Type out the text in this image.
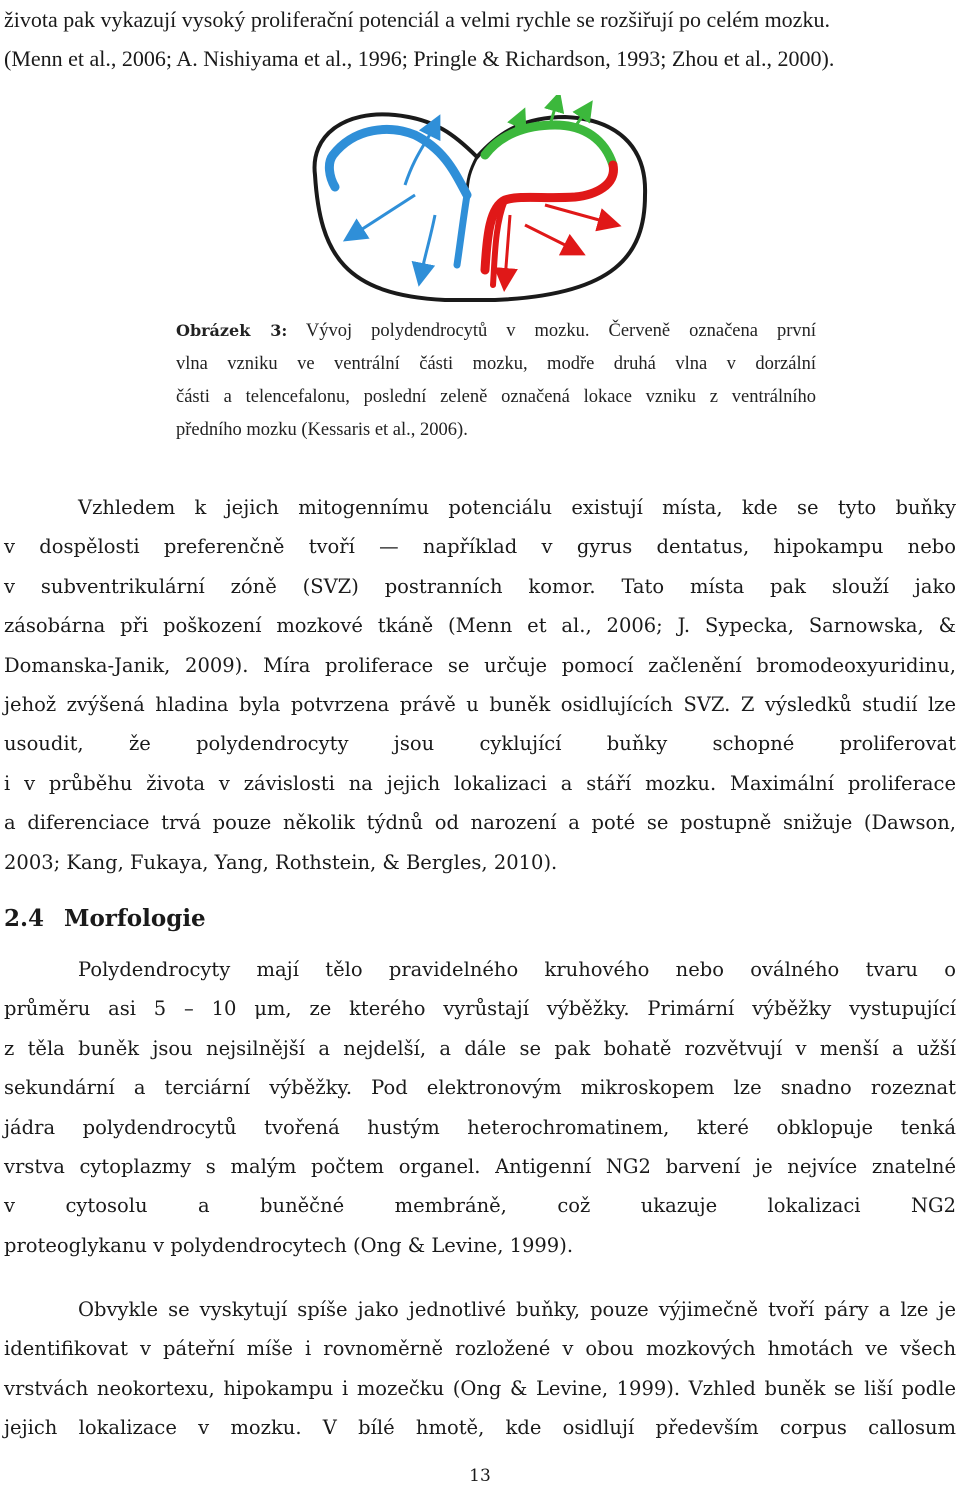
života pak vykazují vysoký proliferační potenciál a velmi rychle se rozšiřují po celém mozku.
(Menn et al., 2006; A. Nishiyama et al., 1996; Pringle & Richardson, 1993; Zhou et al., 2000).
Obrázek 3: Vývoj polydendrocytů v mozku. Červeně označena první
vlna vzniku ve ventrální části mozku, modře druhá vlna v dorzální
části a telencefalonu, poslední zeleně označená lokace vzniku z ventrálního
předního mozku (Kessaris et al., 2006).
Vzhledem k jejich mitogennímu potenciálu existují místa, kde se tyto buňky
v dospělosti preferenčně tvoří — například v gyrus dentatus, hipokampu nebo
v subventrikulární zóně (SVZ) postranních komor. Tato místa pak slouží jako
zásobárna při poškození mozkové tkáně (Menn et al., 2006; J. Sypecka, Sarnowska, &
Domanska-Janik, 2009). Míra proliferace se určuje pomocí začlenění bromodeoxyuridinu,
jehož zvýšená hladina byla potvrzena právě u buněk osidlujících SVZ. Z výsledků studií lze
usoudit, že polydendrocyty jsou cyklující buňky schopné proliferovat
i v průběhu života v závislosti na jejich lokalizaci a stáří mozku. Maximální proliferace
a diferenciace trvá pouze několik týdnů od narození a poté se postupně snižuje (Dawson,
2003; Kang, Fukaya, Yang, Rothstein, & Bergles, 2010).
2.4 Morfologie
Polydendrocyty mají tělo pravidelného kruhového nebo oválného tvaru o
průměru asi 5 – 10 μm, ze kterého vyrůstají výběžky. Primární výběžky vystupující
z těla buněk jsou nejsilnější a nejdelší, a dále se pak bohatě rozvětvují v menší a užší
sekundární a terciární výběžky. Pod elektronovým mikroskopem lze snadno rozeznat
jádra polydendrocytů tvořená hustým heterochromatinem, které obklopuje tenká
vrstva cytoplazmy s malým počtem organel. Antigenní NG2 barvení je nejvíce znatelné
v cytosolu a buněčné membráně, což ukazuje lokalizaci NG2
proteoglykanu v polydendrocytech (Ong & Levine, 1999).
Obvykle se vyskytují spíše jako jednotlivé buňky, pouze výjimečně tvoří páry a lze je
identifikovat v páteřní míše i rovnoměrně rozložené v obou mozkových hmotách ve všech
vrstvách neokortexu, hipokampu i mozečku (Ong & Levine, 1999). Vzhled buněk se liší podle
jejich lokalizace v mozku. V bílé hmotě, kde osidlují především corpus callosum
13
